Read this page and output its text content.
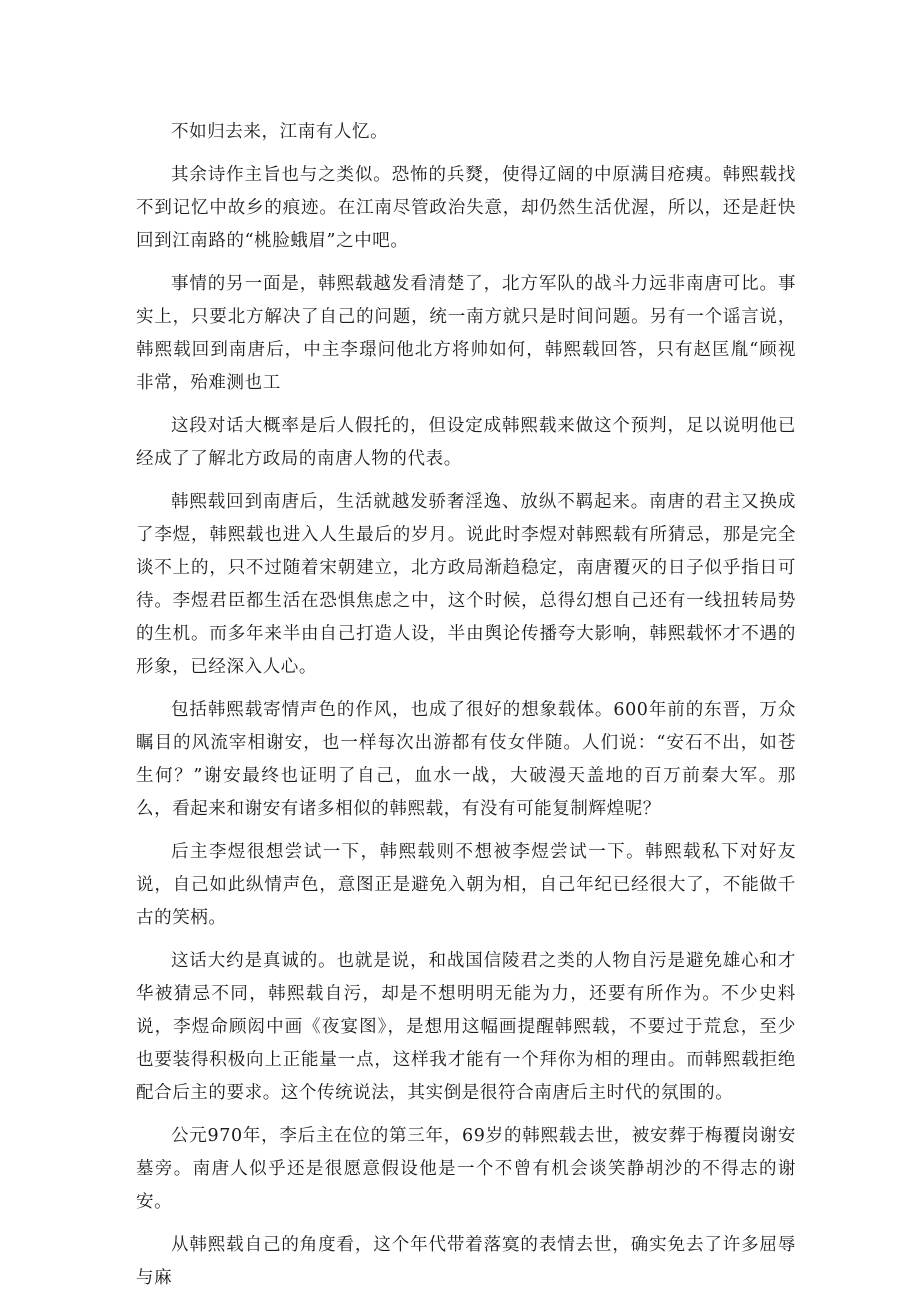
不如归去来，江南有人忆。

其余诗作主旨也与之类似。恐怖的兵燹，使得辽阔的中原满目疮痍。韩熙载找不到记忆中故乡的痕迹。在江南尽管政治失意，却仍然生活优渥，所以，还是赶快回到江南路的“桃脸蛾眉”之中吧。

事情的另一面是，韩熙载越发看清楚了，北方军队的战斗力远非南唐可比。事实上，只要北方解决了自己的问题，统一南方就只是时间问题。另有一个谣言说，韩熙载回到南唐后，中主李璟问他北方将帅如何，韩熙载回答，只有赵匡胤“顾视非常，殆难测也工

这段对话大概率是后人假托的，但设定成韩熙载来做这个预判，足以说明他已经成了了解北方政局的南唐人物的代表。

韩熙载回到南唐后，生活就越发骄奢淫逸、放纵不羁起来。南唐的君主又换成了李煜，韩熙载也进入人生最后的岁月。说此时李煜对韩熙载有所猜忌，那是完全谈不上的，只不过随着宋朝建立，北方政局渐趋稳定，南唐覆灭的日子似乎指日可待。李煜君臣都生活在恐惧焦虑之中，这个时候，总得幻想自己还有一线扭转局势的生机。而多年来半由自己打造人设，半由舆论传播夸大影响，韩熙载怀才不遇的形象，已经深入人心。

包括韩熙载寄情声色的作风，也成了很好的想象载体。600年前的东晋，万众瞩目的风流宰相谢安，也一样每次出游都有伎女伴随。人们说：“安石不出，如苍生何？”谢安最终也证明了自己，血水一战，大破漫天盖地的百万前秦大军。那么，看起来和谢安有诸多相似的韩熙载，有没有可能复制辉煌呢？

后主李煜很想尝试一下，韩熙载则不想被李煜尝试一下。韩熙载私下对好友说，自己如此纵情声色，意图正是避免入朝为相，自己年纪已经很大了，不能做千古的笑柄。

这话大约是真诚的。也就是说，和战国信陵君之类的人物自污是避免雄心和才华被猜忌不同，韩熙载自污，却是不想明明无能为力，还要有所作为。不少史料说，李煜命顾闳中画《夜宴图》，是想用这幅画提醒韩熙载，不要过于荒怠，至少也要装得积极向上正能量一点，这样我才能有一个拜你为相的理由。而韩熙载拒绝配合后主的要求。这个传统说法，其实倒是很符合南唐后主时代的氛围的。

公元970年，李后主在位的第三年，69岁的韩熙载去世，被安葬于梅覆岗谢安墓旁。南唐人似乎还是很愿意假设他是一个不曾有机会谈笑静胡沙的不得志的谢安。

从韩熙载自己的角度看，这个年代带着落寞的表情去世，确实免去了许多屈辱与麻
